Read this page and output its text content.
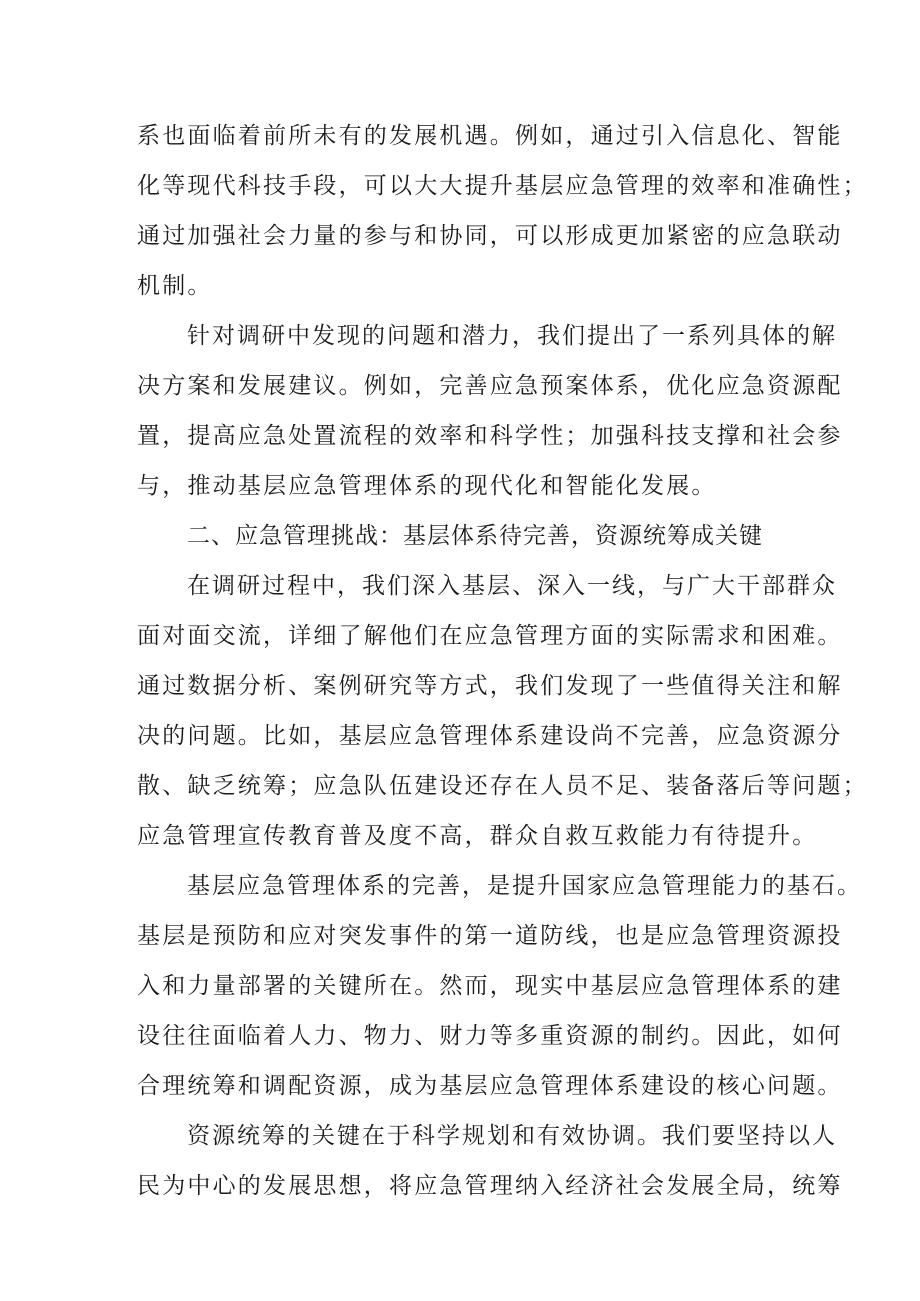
系也面临着前所未有的发展机遇。例如，通过引入信息化、智能
化等现代科技手段，可以大大提升基层应急管理的效率和准确性；
通过加强社会力量的参与和协同，可以形成更加紧密的应急联动
机制。
针对调研中发现的问题和潜力，我们提出了一系列具体的解
决方案和发展建议。例如，完善应急预案体系，优化应急资源配
置，提高应急处置流程的效率和科学性；加强科技支撑和社会参
与，推动基层应急管理体系的现代化和智能化发展。
二、应急管理挑战：基层体系待完善，资源统筹成关键
在调研过程中，我们深入基层、深入一线，与广大干部群众
面对面交流，详细了解他们在应急管理方面的实际需求和困难。
通过数据分析、案例研究等方式，我们发现了一些值得关注和解
决的问题。比如，基层应急管理体系建设尚不完善，应急资源分
散、缺乏统筹；应急队伍建设还存在人员不足、装备落后等问题；
应急管理宣传教育普及度不高，群众自救互救能力有待提升。
基层应急管理体系的完善，是提升国家应急管理能力的基石。
基层是预防和应对突发事件的第一道防线，也是应急管理资源投
入和力量部署的关键所在。然而，现实中基层应急管理体系的建
设往往面临着人力、物力、财力等多重资源的制约。因此，如何
合理统筹和调配资源，成为基层应急管理体系建设的核心问题。
资源统筹的关键在于科学规划和有效协调。我们要坚持以人
民为中心的发展思想，将应急管理纳入经济社会发展全局，统筹
